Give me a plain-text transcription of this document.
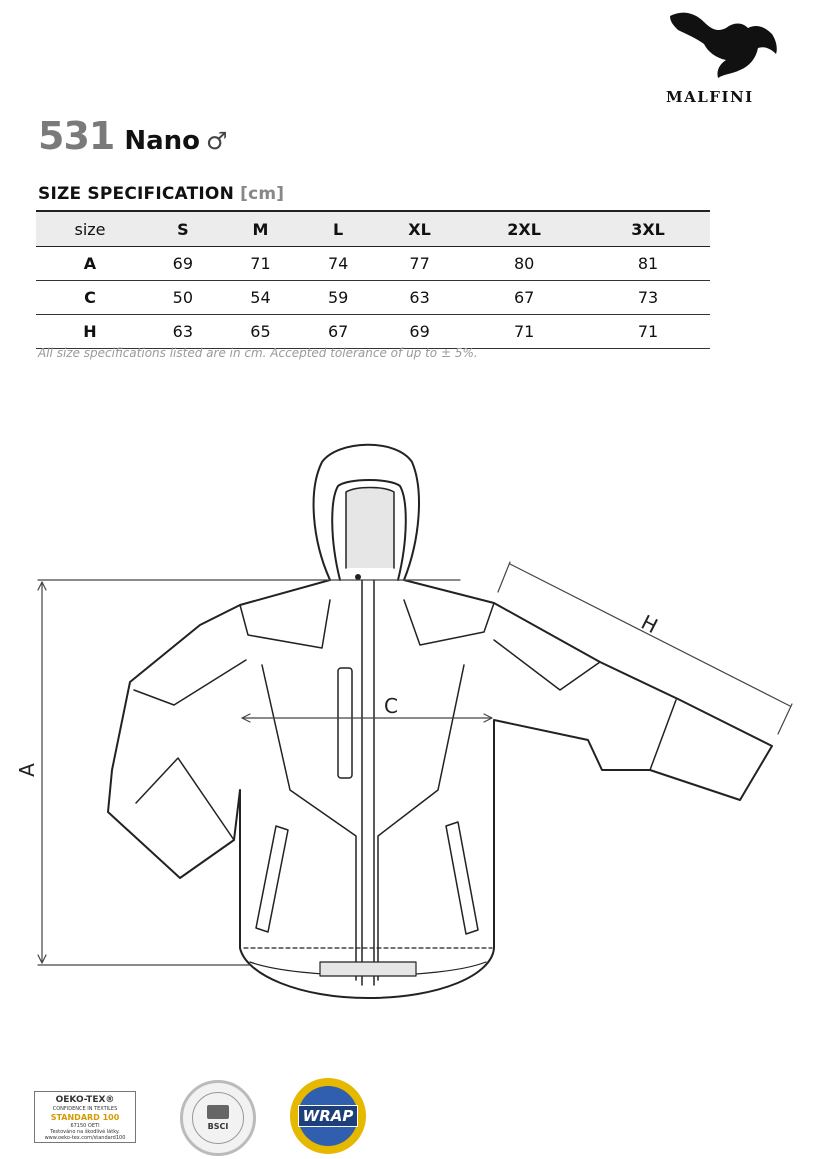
MALFINI
531 Nano ♂
SIZE SPECIFICATION [cm]
size	S	M	L	XL	2XL	3XL
A	69	71	74	77	80	81
C	50	54	59	63	67	73
H	63	65	67	69	71	71
All size specifications listed are in cm. Accepted tolerance of up to ± 5%.
A
C
H
OEKO-TEX®
CONFIDENCE IN TEXTILES
STANDARD 100
67150 OETI
Testováno na škodlivé látky.
www.oeko-tex.com/standard100
BSCI
WRAP
